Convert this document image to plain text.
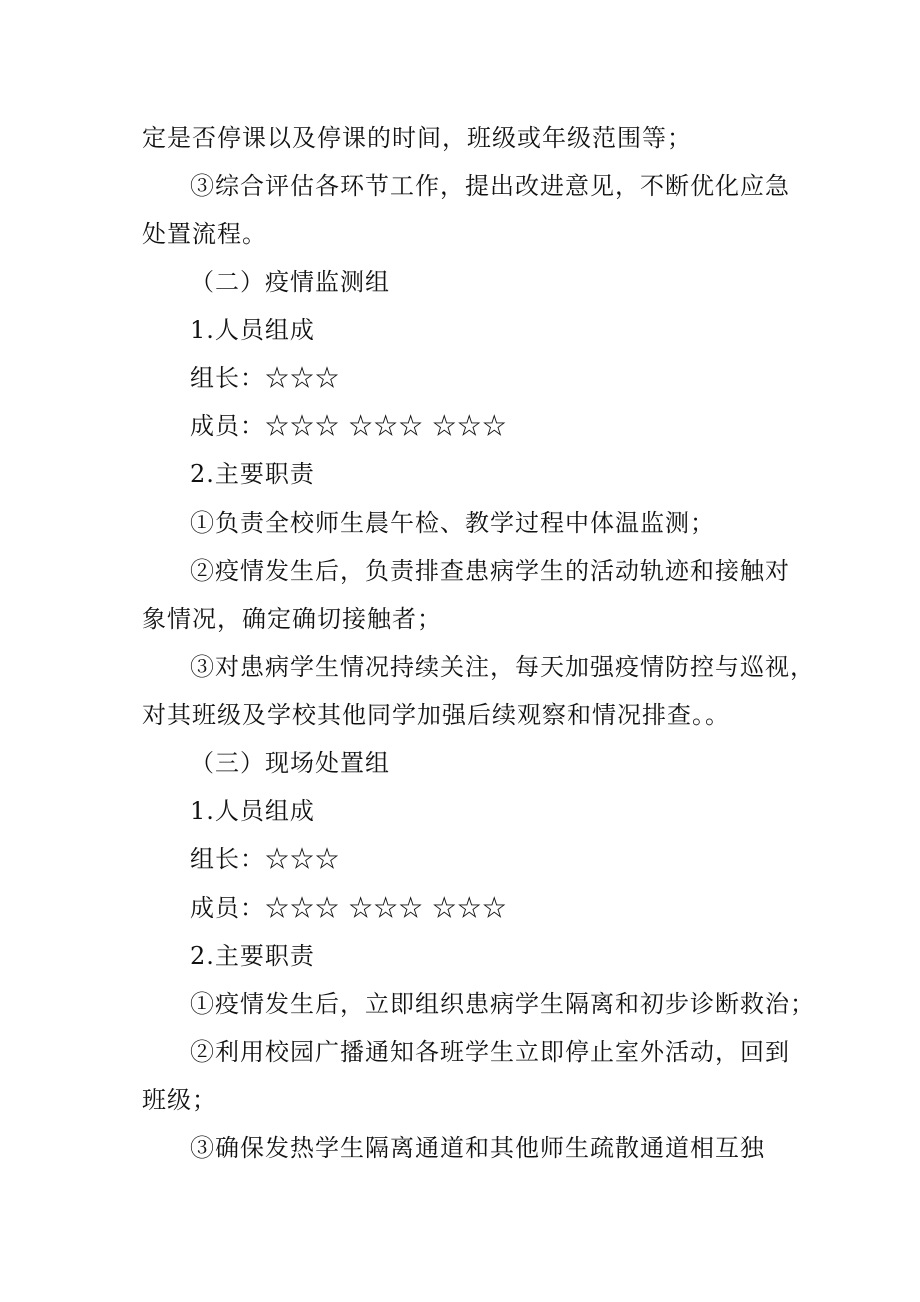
定是否停课以及停课的时间，班级或年级范围等；
③综合评估各环节工作，提出改进意见，不断优化应急
处置流程。
（二）疫情监测组
1.人员组成
组长：☆☆☆
成员：☆☆☆ ☆☆☆ ☆☆☆
2.主要职责
①负责全校师生晨午检、教学过程中体温监测；
②疫情发生后，负责排查患病学生的活动轨迹和接触对
象情况，确定确切接触者；
③对患病学生情况持续关注，每天加强疫情防控与巡视，
对其班级及学校其他同学加强后续观察和情况排查。。
（三）现场处置组
1.人员组成
组长：☆☆☆
成员：☆☆☆ ☆☆☆ ☆☆☆
2.主要职责
①疫情发生后，立即组织患病学生隔离和初步诊断救治；
②利用校园广播通知各班学生立即停止室外活动，回到
班级；
③确保发热学生隔离通道和其他师生疏散通道相互独
